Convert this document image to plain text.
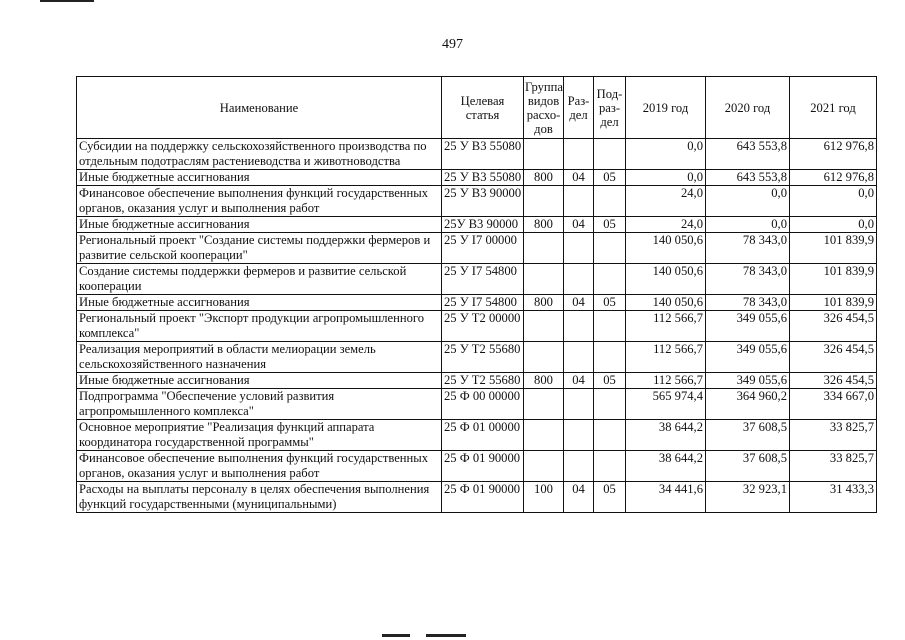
497
Наименование	Целевая статья	Группа видов расхо-дов	Раз-дел	Под-раз-дел	2019 год	2020 год	2021 год
Субсидии на поддержку сельскохозяйственного производства по отдельным подотраслям растениеводства и животноводства	25 У В3 55080				0,0	643 553,8	612 976,8
Иные бюджетные ассигнования	25 У В3 55080	800	04	05	0,0	643 553,8	612 976,8
Финансовое обеспечение выполнения функций государственных органов, оказания услуг и выполнения работ	25 У В3 90000				24,0	0,0	0,0
Иные бюджетные ассигнования	25У В3 90000	800	04	05	24,0	0,0	0,0
Региональный проект "Создание системы поддержки фермеров и развитие сельской кооперации"	25 У I7 00000				140 050,6	78 343,0	101 839,9
Создание системы поддержки фермеров и развитие сельской кооперации	25 У I7 54800				140 050,6	78 343,0	101 839,9
Иные бюджетные ассигнования	25 У I7 54800	800	04	05	140 050,6	78 343,0	101 839,9
Региональный проект "Экспорт продукции агропромышленного комплекса"	25 У Т2 00000				112 566,7	349 055,6	326 454,5
Реализация мероприятий в области мелиорации земель сельскохозяйственного назначения	25 У Т2 55680				112 566,7	349 055,6	326 454,5
Иные бюджетные ассигнования	25 У Т2 55680	800	04	05	112 566,7	349 055,6	326 454,5
Подпрограмма "Обеспечение условий развития агропромышленного комплекса"	25 Ф 00 00000				565 974,4	364 960,2	334 667,0
Основное мероприятие "Реализация функций аппарата координатора государственной программы"	25 Ф 01 00000				38 644,2	37 608,5	33 825,7
Финансовое обеспечение выполнения функций государственных органов, оказания услуг и выполнения работ	25 Ф 01 90000				38 644,2	37 608,5	33 825,7
Расходы на выплаты персоналу в целях обеспечения выполнения функций государственными (муниципальными)	25 Ф 01 90000	100	04	05	34 441,6	32 923,1	31 433,3
